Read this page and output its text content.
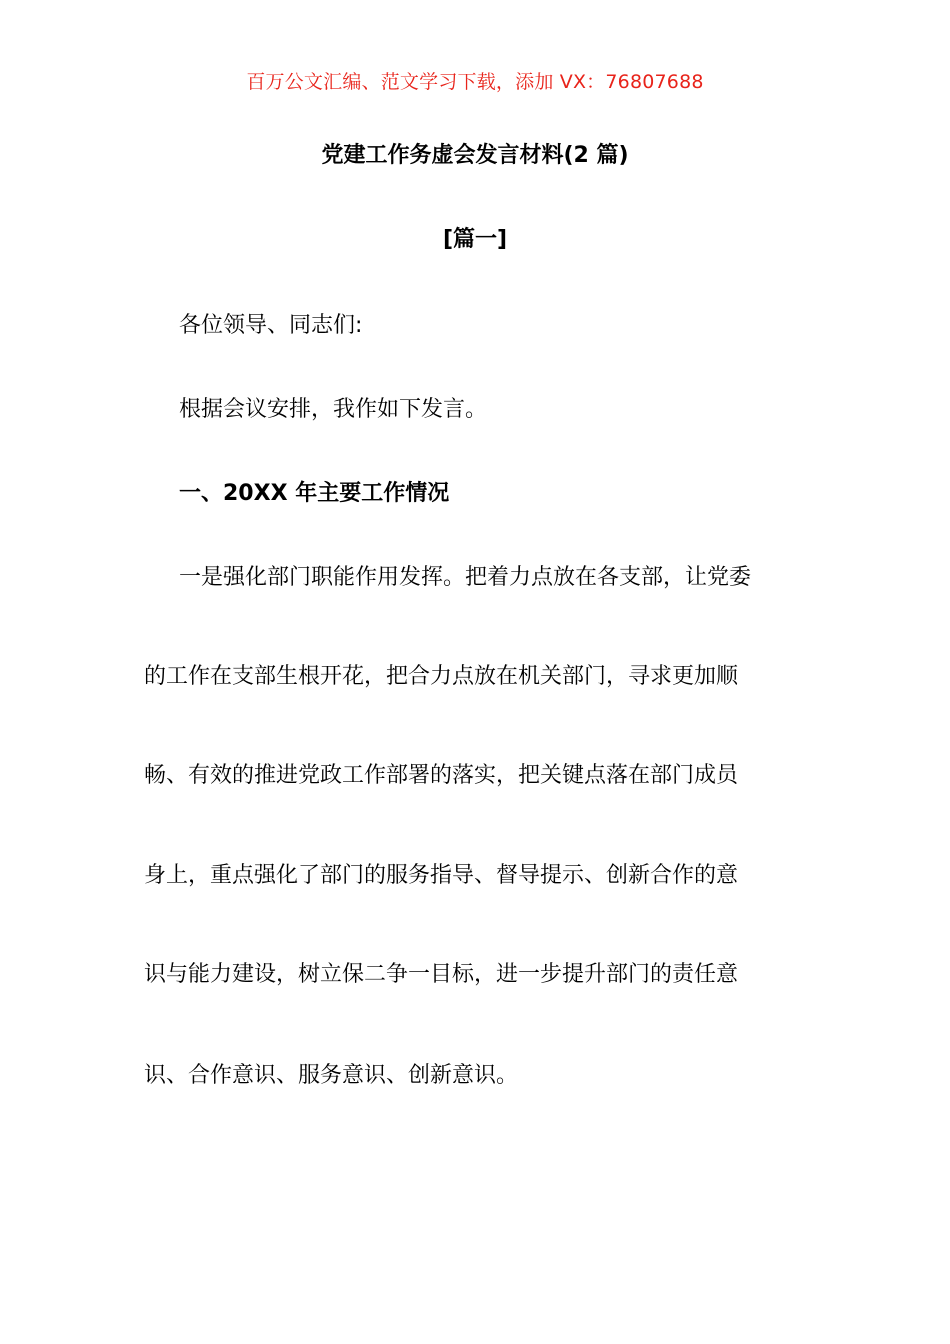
百万公文汇编、范文学习下载，添加 VX：76807688
党建工作务虚会发言材料(2 篇)
[篇一]
各位领导、同志们:
根据会议安排，我作如下发言。
一、20XX 年主要工作情况
一是强化部门职能作用发挥。把着力点放在各支部，让党委
的工作在支部生根开花，把合力点放在机关部门，寻求更加顺
畅、有效的推进党政工作部署的落实，把关键点落在部门成员
身上，重点强化了部门的服务指导、督导提示、创新合作的意
识与能力建设，树立保二争一目标，进一步提升部门的责任意
识、合作意识、服务意识、创新意识。
